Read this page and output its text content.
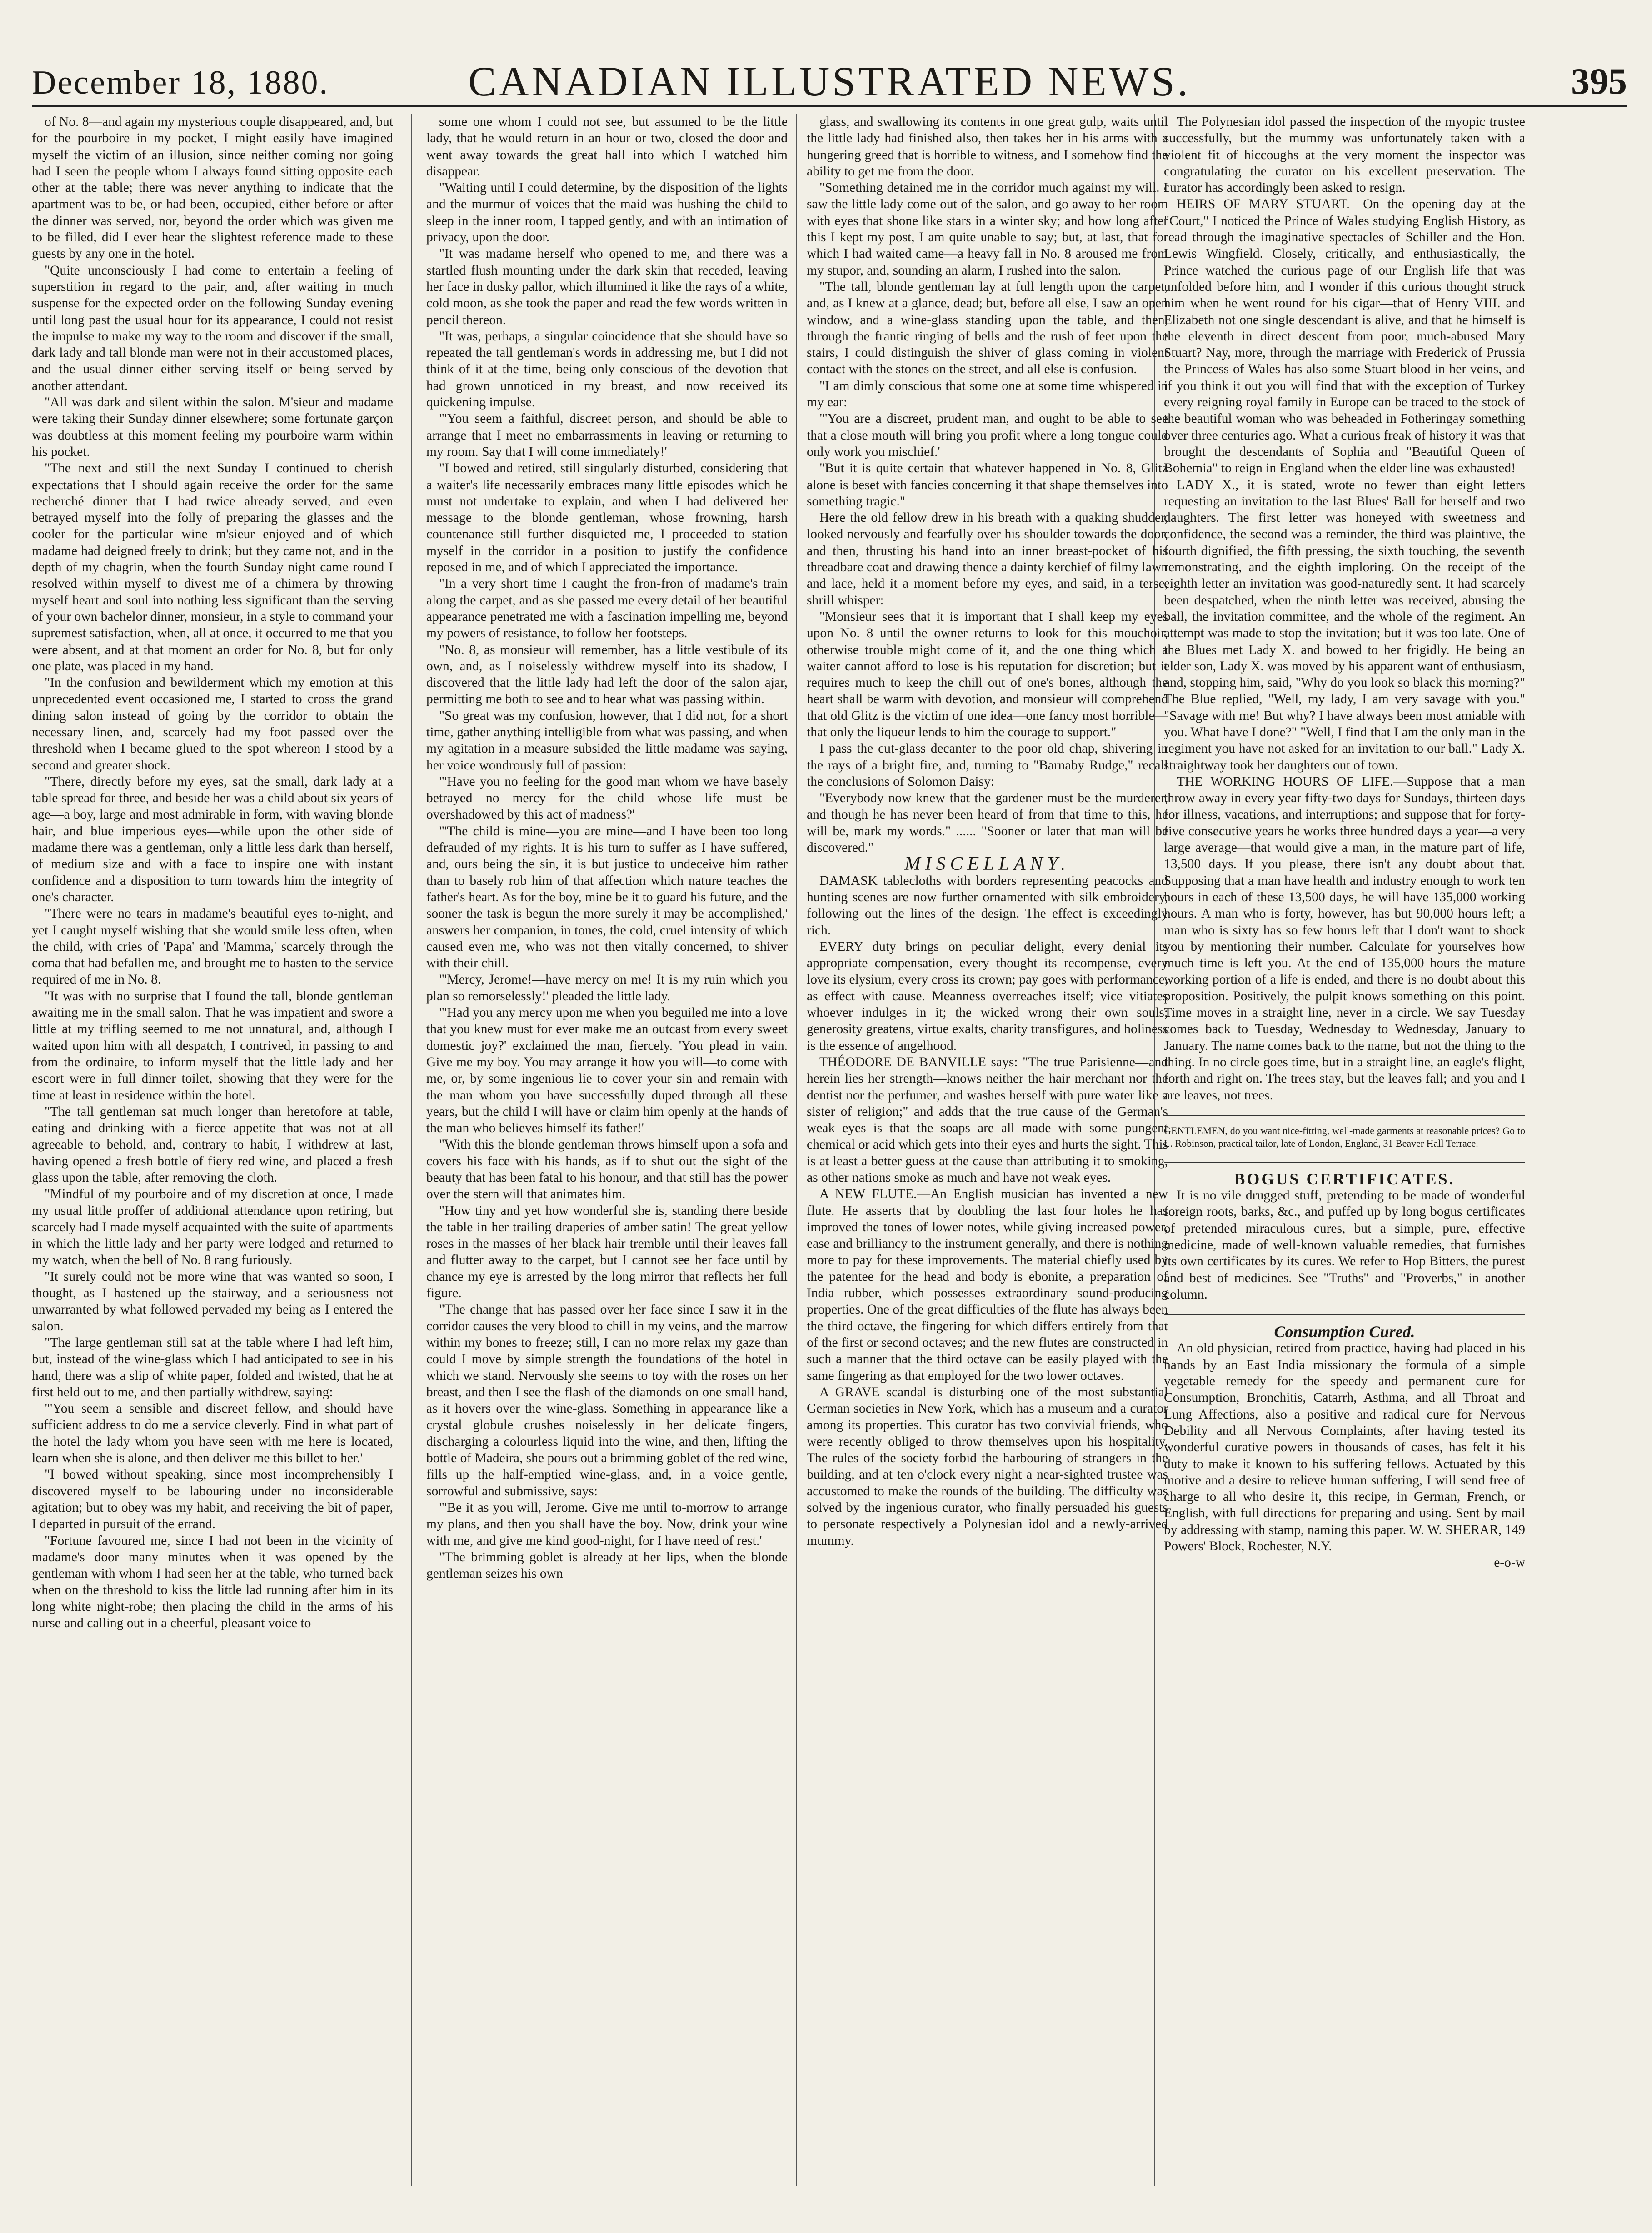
December 18, 1880.	CANADIAN ILLUSTRATED NEWS.	395

of No. 8—and again my mysterious couple disappeared, and, but for the pourboire in my pocket, I might easily have imagined myself the victim of an illusion, since neither coming nor going had I seen the people whom I always found sitting opposite each other at the table; there was never anything to indicate that the apartment was to be, or had been, occupied, either before or after the dinner was served, nor, beyond the order which was given me to be filled, did I ever hear the slightest reference made to these guests by any one in the hotel.

"Quite unconsciously I had come to entertain a feeling of superstition in regard to the pair, and, after waiting in much suspense for the expected order on the following Sunday evening until long past the usual hour for its appearance, I could not resist the impulse to make my way to the room and discover if the small, dark lady and tall blonde man were not in their accustomed places, and the usual dinner either serving itself or being served by another attendant.

"All was dark and silent within the salon. M'sieur and madame were taking their Sunday dinner elsewhere; some fortunate garçon was doubtless at this moment feeling my pourboire warm within his pocket.

"The next and still the next Sunday I continued to cherish expectations that I should again receive the order for the same recherché dinner that I had twice already served, and even betrayed myself into the folly of preparing the glasses and the cooler for the particular wine m'sieur enjoyed and of which madame had deigned freely to drink; but they came not, and in the depth of my chagrin, when the fourth Sunday night came round I resolved within myself to divest me of a chimera by throwing myself heart and soul into nothing less significant than the serving of your own bachelor dinner, monsieur, in a style to command your supremest satisfaction, when, all at once, it occurred to me that you were absent, and at that moment an order for No. 8, but for only one plate, was placed in my hand.

"In the confusion and bewilderment which my emotion at this unprecedented event occasioned me, I started to cross the grand dining salon instead of going by the corridor to obtain the necessary linen, and, scarcely had my foot passed over the threshold when I became glued to the spot whereon I stood by a second and greater shock.

"There, directly before my eyes, sat the small, dark lady at a table spread for three, and beside her was a child about six years of age—a boy, large and most admirable in form, with waving blonde hair, and blue imperious eyes—while upon the other side of madame there was a gentleman, only a little less dark than herself, of medium size and with a face to inspire one with instant confidence and a disposition to turn towards him the integrity of one's character.

"There were no tears in madame's beautiful eyes to-night, and yet I caught myself wishing that she would smile less often, when the child, with cries of 'Papa' and 'Mamma,' scarcely through the coma that had befallen me, and brought me to hasten to the service required of me in No. 8.

"It was with no surprise that I found the tall, blonde gentleman awaiting me in the small salon. That he was impatient and swore a little at my trifling seemed to me not unnatural, and, although I waited upon him with all despatch, I contrived, in passing to and from the ordinaire, to inform myself that the little lady and her escort were in full dinner toilet, showing that they were for the time at least in residence within the hotel.

"The tall gentleman sat much longer than heretofore at table, eating and drinking with a fierce appetite that was not at all agreeable to behold, and, contrary to habit, I withdrew at last, having opened a fresh bottle of fiery red wine, and placed a fresh glass upon the table, after removing the cloth.

"Mindful of my pourboire and of my discretion at once, I made my usual little proffer of additional attendance upon retiring, but scarcely had I made myself acquainted with the suite of apartments in which the little lady and her party were lodged and returned to my watch, when the bell of No. 8 rang furiously.

"It surely could not be more wine that was wanted so soon, I thought, as I hastened up the stairway, and a seriousness not unwarranted by what followed pervaded my being as I entered the salon.

"The large gentleman still sat at the table where I had left him, but, instead of the wine-glass which I had anticipated to see in his hand, there was a slip of white paper, folded and twisted, that he at first held out to me, and then partially withdrew, saying:

"'You seem a sensible and discreet fellow, and should have sufficient address to do me a service cleverly. Find in what part of the hotel the lady whom you have seen with me here is located, learn when she is alone, and then deliver me this billet to her.'

"I bowed without speaking, since most incomprehensibly I discovered myself to be labouring under no inconsiderable agitation; but to obey was my habit, and receiving the bit of paper, I departed in pursuit of the errand.

"Fortune favoured me, since I had not been in the vicinity of madame's door many minutes when it was opened by the gentleman with whom I had seen her at the table, who turned back when on the threshold to kiss the little lad running after him in its long white night-robe; then placing the child in the arms of his nurse and calling out in a cheerful, pleasant voice to

some one whom I could not see, but assumed to be the little lady, that he would return in an hour or two, closed the door and went away towards the great hall into which I watched him disappear.

"Waiting until I could determine, by the disposition of the lights and the murmur of voices that the maid was hushing the child to sleep in the inner room, I tapped gently, and with an intimation of privacy, upon the door.

"It was madame herself who opened to me, and there was a startled flush mounting under the dark skin that receded, leaving her face in dusky pallor, which illumined it like the rays of a white, cold moon, as she took the paper and read the few words written in pencil thereon.

"It was, perhaps, a singular coincidence that she should have so repeated the tall gentleman's words in addressing me, but I did not think of it at the time, being only conscious of the devotion that had grown unnoticed in my breast, and now received its quickening impulse.

"'You seem a faithful, discreet person, and should be able to arrange that I meet no embarrassments in leaving or returning to my room. Say that I will come immediately!'

"I bowed and retired, still singularly disturbed, considering that a waiter's life necessarily embraces many little episodes which he must not undertake to explain, and when I had delivered her message to the blonde gentleman, whose frowning, harsh countenance still further disquieted me, I proceeded to station myself in the corridor in a position to justify the confidence reposed in me, and of which I appreciated the importance.

"In a very short time I caught the fron-fron of madame's train along the carpet, and as she passed me every detail of her beautiful appearance penetrated me with a fascination impelling me, beyond my powers of resistance, to follow her footsteps.

"No. 8, as monsieur will remember, has a little vestibule of its own, and, as I noiselessly withdrew myself into its shadow, I discovered that the little lady had left the door of the salon ajar, permitting me both to see and to hear what was passing within.

"So great was my confusion, however, that I did not, for a short time, gather anything intelligible from what was passing, and when my agitation in a measure subsided the little madame was saying, her voice wondrously full of passion:

"'Have you no feeling for the good man whom we have basely betrayed—no mercy for the child whose life must be overshadowed by this act of madness?'

"'The child is mine—you are mine—and I have been too long defrauded of my rights. It is his turn to suffer as I have suffered, and, ours being the sin, it is but justice to undeceive him rather than to basely rob him of that affection which nature teaches the father's heart. As for the boy, mine be it to guard his future, and the sooner the task is begun the more surely it may be accomplished,' answers her companion, in tones, the cold, cruel intensity of which caused even me, who was not then vitally concerned, to shiver with their chill.

"'Mercy, Jerome!—have mercy on me! It is my ruin which you plan so remorselessly!' pleaded the little lady.

"'Had you any mercy upon me when you beguiled me into a love that you knew must for ever make me an outcast from every sweet domestic joy?' exclaimed the man, fiercely. 'You plead in vain. Give me my boy. You may arrange it how you will—to come with me, or, by some ingenious lie to cover your sin and remain with the man whom you have successfully duped through all these years, but the child I will have or claim him openly at the hands of the man who believes himself its father!'

"With this the blonde gentleman throws himself upon a sofa and covers his face with his hands, as if to shut out the sight of the beauty that has been fatal to his honour, and that still has the power over the stern will that animates him.

"How tiny and yet how wonderful she is, standing there beside the table in her trailing draperies of amber satin! The great yellow roses in the masses of her black hair tremble until their leaves fall and flutter away to the carpet, but I cannot see her face until by chance my eye is arrested by the long mirror that reflects her full figure.

"The change that has passed over her face since I saw it in the corridor causes the very blood to chill in my veins, and the marrow within my bones to freeze; still, I can no more relax my gaze than could I move by simple strength the foundations of the hotel in which we stand. Nervously she seems to toy with the roses on her breast, and then I see the flash of the diamonds on one small hand, as it hovers over the wine-glass. Something in appearance like a crystal globule crushes noiselessly in her delicate fingers, discharging a colourless liquid into the wine, and then, lifting the bottle of Madeira, she pours out a brimming goblet of the red wine, fills up the half-emptied wine-glass, and, in a voice gentle, sorrowful and submissive, says:

"'Be it as you will, Jerome. Give me until to-morrow to arrange my plans, and then you shall have the boy. Now, drink your wine with me, and give me kind good-night, for I have need of rest.'

"The brimming goblet is already at her lips, when the blonde gentleman seizes his own

glass, and swallowing its contents in one great gulp, waits until the little lady had finished also, then takes her in his arms with a hungering greed that is horrible to witness, and I somehow find the ability to get me from the door.

"Something detained me in the corridor much against my will. I saw the little lady come out of the salon, and go away to her room with eyes that shone like stars in a winter sky; and how long after this I kept my post, I am quite unable to say; but, at last, that for which I had waited came—a heavy fall in No. 8 aroused me from my stupor, and, sounding an alarm, I rushed into the salon.

"The tall, blonde gentleman lay at full length upon the carpet, and, as I knew at a glance, dead; but, before all else, I saw an open window, and a wine-glass standing upon the table, and then, through the frantic ringing of bells and the rush of feet upon the stairs, I could distinguish the shiver of glass coming in violent contact with the stones on the street, and all else is confusion.

"I am dimly conscious that some one at some time whispered in my ear:

"'You are a discreet, prudent man, and ought to be able to see that a close mouth will bring you profit where a long tongue could only work you mischief.'

"But it is quite certain that whatever happened in No. 8, Glitz alone is beset with fancies concerning it that shape themselves into something tragic."

Here the old fellow drew in his breath with a quaking shudder, looked nervously and fearfully over his shoulder towards the door, and then, thrusting his hand into an inner breast-pocket of his threadbare coat and drawing thence a dainty kerchief of filmy lawn and lace, held it a moment before my eyes, and said, in a terse, shrill whisper:

"Monsieur sees that it is important that I shall keep my eyes upon No. 8 until the owner returns to look for this mouchoir, otherwise trouble might come of it, and the one thing which a waiter cannot afford to lose is his reputation for discretion; but it requires much to keep the chill out of one's bones, although the heart shall be warm with devotion, and monsieur will comprehend that old Glitz is the victim of one idea—one fancy most horrible—that only the liqueur lends to him the courage to support."

I pass the cut-glass decanter to the poor old chap, shivering in the rays of a bright fire, and, turning to "Barnaby Rudge," recall the conclusions of Solomon Daisy:

"Everybody now knew that the gardener must be the murderer, and though he has never been heard of from that time to this, he will be, mark my words." ...... "Sooner or later that man will be discovered."

MISCELLANY.

DAMASK tablecloths with borders representing peacocks and hunting scenes are now further ornamented with silk embroidery, following out the lines of the design. The effect is exceedingly rich.

EVERY duty brings on peculiar delight, every denial its appropriate compensation, every thought its recompense, every love its elysium, every cross its crown; pay goes with performance, as effect with cause. Meanness overreaches itself; vice vitiates whoever indulges in it; the wicked wrong their own souls; generosity greatens, virtue exalts, charity transfigures, and holiness is the essence of angelhood.

THÉODORE DE BANVILLE says: "The true Parisienne—and herein lies her strength—knows neither the hair merchant nor the dentist nor the perfumer, and washes herself with pure water like a sister of religion;" and adds that the true cause of the German's weak eyes is that the soaps are all made with some pungent chemical or acid which gets into their eyes and hurts the sight. This is at least a better guess at the cause than attributing it to smoking, as other nations smoke as much and have not weak eyes.

A NEW FLUTE.—An English musician has invented a new flute. He asserts that by doubling the last four holes he has improved the tones of lower notes, while giving increased power, ease and brilliancy to the instrument generally, and there is nothing more to pay for these improvements. The material chiefly used by the patentee for the head and body is ebonite, a preparation of India rubber, which possesses extraordinary sound-producing properties. One of the great difficulties of the flute has always been the third octave, the fingering for which differs entirely from that of the first or second octaves; and the new flutes are constructed in such a manner that the third octave can be easily played with the same fingering as that employed for the two lower octaves.

A GRAVE scandal is disturbing one of the most substantial German societies in New York, which has a museum and a curator among its properties. This curator has two convivial friends, who were recently obliged to throw themselves upon his hospitality. The rules of the society forbid the harbouring of strangers in the building, and at ten o'clock every night a near-sighted trustee was accustomed to make the rounds of the building. The difficulty was solved by the ingenious curator, who finally persuaded his guests to personate respectively a Polynesian idol and a newly-arrived mummy.

The Polynesian idol passed the inspection of the myopic trustee successfully, but the mummy was unfortunately taken with a violent fit of hiccoughs at the very moment the inspector was congratulating the curator on his excellent preservation. The curator has accordingly been asked to resign.

HEIRS OF MARY STUART.—On the opening day at the "Court," I noticed the Prince of Wales studying English History, as read through the imaginative spectacles of Schiller and the Hon. Lewis Wingfield. Closely, critically, and enthusiastically, the Prince watched the curious page of our English life that was unfolded before him, and I wonder if this curious thought struck him when he went round for his cigar—that of Henry VIII. and Elizabeth not one single descendant is alive, and that he himself is the eleventh in direct descent from poor, much-abused Mary Stuart? Nay, more, through the marriage with Frederick of Prussia the Princess of Wales has also some Stuart blood in her veins, and if you think it out you will find that with the exception of Turkey every reigning royal family in Europe can be traced to the stock of the beautiful woman who was beheaded in Fotheringay something over three centuries ago. What a curious freak of history it was that brought the descendants of Sophia and "Beautiful Queen of Bohemia" to reign in England when the elder line was exhausted!

LADY X., it is stated, wrote no fewer than eight letters requesting an invitation to the last Blues' Ball for herself and two daughters. The first letter was honeyed with sweetness and confidence, the second was a reminder, the third was plaintive, the fourth dignified, the fifth pressing, the sixth touching, the seventh remonstrating, and the eighth imploring. On the receipt of the eighth letter an invitation was good-naturedly sent. It had scarcely been despatched, when the ninth letter was received, abusing the ball, the invitation committee, and the whole of the regiment. An attempt was made to stop the invitation; but it was too late. One of the Blues met Lady X. and bowed to her frigidly. He being an elder son, Lady X. was moved by his apparent want of enthusiasm, and, stopping him, said, "Why do you look so black this morning?" The Blue replied, "Well, my lady, I am very savage with you." "Savage with me! But why? I have always been most amiable with you. What have I done?" "Well, I find that I am the only man in the regiment you have not asked for an invitation to our ball." Lady X. straightway took her daughters out of town.

THE WORKING HOURS OF LIFE.—Suppose that a man throw away in every year fifty-two days for Sundays, thirteen days for illness, vacations, and interruptions; and suppose that for forty-five consecutive years he works three hundred days a year—a very large average—that would give a man, in the mature part of life, 13,500 days. If you please, there isn't any doubt about that. Supposing that a man have health and industry enough to work ten hours in each of these 13,500 days, he will have 135,000 working hours. A man who is forty, however, has but 90,000 hours left; a man who is sixty has so few hours left that I don't want to shock you by mentioning their number. Calculate for yourselves how much time is left you. At the end of 135,000 hours the mature working portion of a life is ended, and there is no doubt about this proposition. Positively, the pulpit knows something on this point. Time moves in a straight line, never in a circle. We say Tuesday comes back to Tuesday, Wednesday to Wednesday, January to January. The name comes back to the name, but not the thing to the thing. In no circle goes time, but in a straight line, an eagle's flight, forth and right on. The trees stay, but the leaves fall; and you and I are leaves, not trees.

GENTLEMEN, do you want nice-fitting, well-made garments at reasonable prices? Go to L. Robinson, practical tailor, late of London, England, 31 Beaver Hall Terrace.

BOGUS CERTIFICATES.

It is no vile drugged stuff, pretending to be made of wonderful foreign roots, barks, &c., and puffed up by long bogus certificates of pretended miraculous cures, but a simple, pure, effective medicine, made of well-known valuable remedies, that furnishes its own certificates by its cures. We refer to Hop Bitters, the purest and best of medicines. See "Truths" and "Proverbs," in another column.

Consumption Cured.

An old physician, retired from practice, having had placed in his hands by an East India missionary the formula of a simple vegetable remedy for the speedy and permanent cure for Consumption, Bronchitis, Catarrh, Asthma, and all Throat and Lung Affections, also a positive and radical cure for Nervous Debility and all Nervous Complaints, after having tested its wonderful curative powers in thousands of cases, has felt it his duty to make it known to his suffering fellows. Actuated by this motive and a desire to relieve human suffering, I will send free of charge to all who desire it, this recipe, in German, French, or English, with full directions for preparing and using. Sent by mail by addressing with stamp, naming this paper. W. W. SHERAR, 149 Powers' Block, Rochester, N.Y.

e-o-w
